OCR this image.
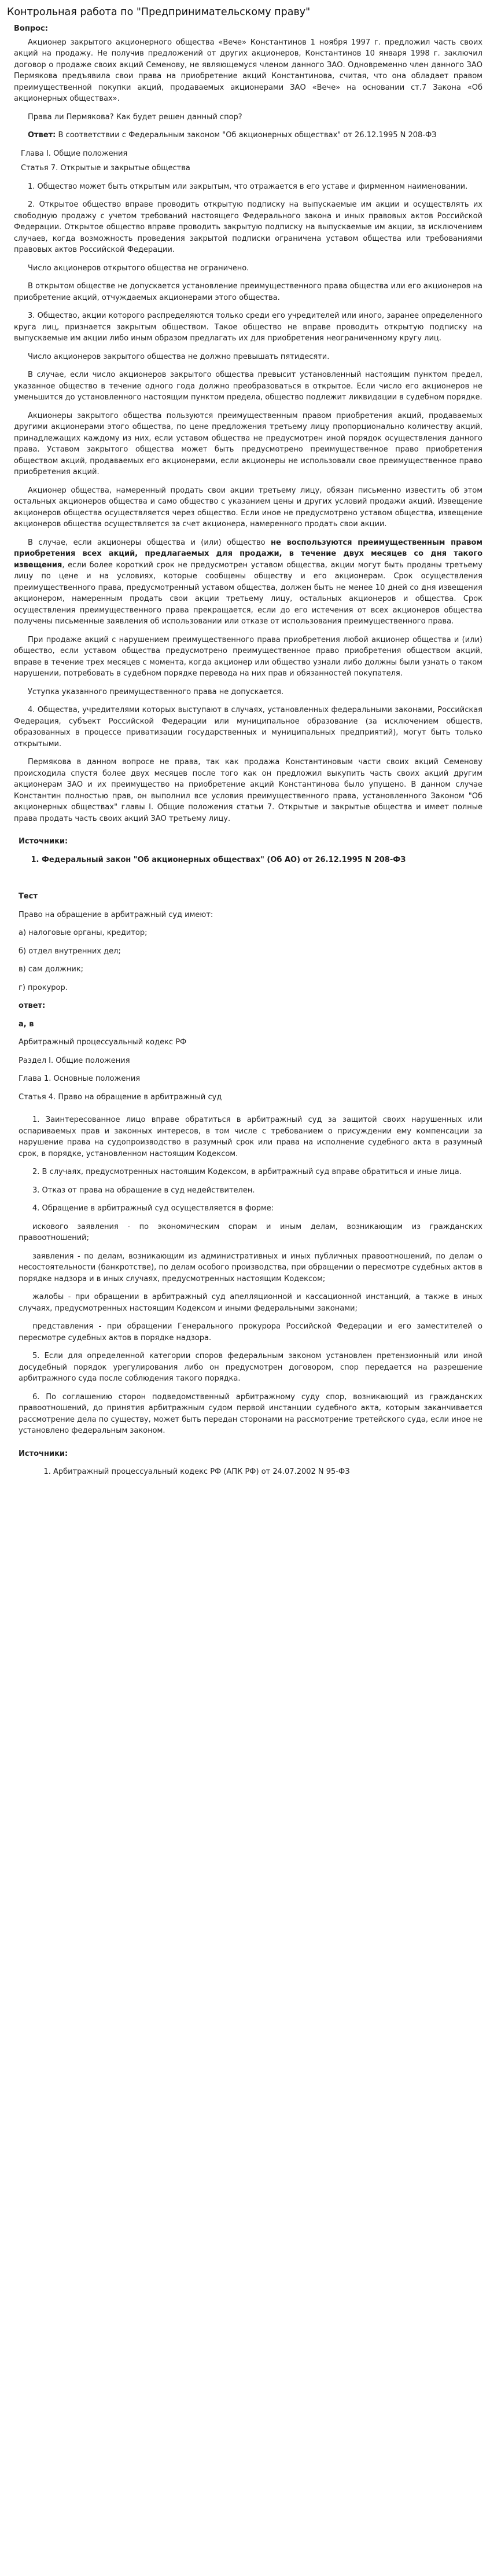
Контрольная работа по "Предпринимательскому праву"
Вопрос:
Акционер закрытого акционерного общества «Вече» Константинов 1 ноября 1997 г. предложил часть своих акций на продажу. Не получив предложений от других акционеров, Константинов 10 января 1998 г. заключил договор о продаже своих акций Семенову, не являющемуся членом данного ЗАО. Одновременно член данного ЗАО Пермякова предъявила свои права на приобретение акций Константинова, считая, что она обладает правом преимущественной покупки акций, продаваемых акционерами ЗАО «Вече» на основании ст.7 Закона «Об акционерных обществах».
Права ли Пермякова? Как будет решен данный спор?
Ответ: В соответствии с Федеральным законом "Об акционерных обществах" от 26.12.1995 N 208-ФЗ
Глава I. Общие положения
Статья 7. Открытые и закрытые общества
1. Общество может быть открытым или закрытым, что отражается в его уставе и фирменном наименовании.
2. Открытое общество вправе проводить открытую подписку на выпускаемые им акции и осуществлять их свободную продажу с учетом требований настоящего Федерального закона и иных правовых актов Российской Федерации. Открытое общество вправе проводить закрытую подписку на выпускаемые им акции, за исключением случаев, когда возможность проведения закрытой подписки ограничена уставом общества или требованиями правовых актов Российской Федерации.
Число акционеров открытого общества не ограничено.
В открытом обществе не допускается установление преимущественного права общества или его акционеров на приобретение акций, отчуждаемых акционерами этого общества.
3. Общество, акции которого распределяются только среди его учредителей или иного, заранее определенного круга лиц, признается закрытым обществом. Такое общество не вправе проводить открытую подписку на выпускаемые им акции либо иным образом предлагать их для приобретения неограниченному кругу лиц.
Число акционеров закрытого общества не должно превышать пятидесяти.
В случае, если число акционеров закрытого общества превысит установленный настоящим пунктом предел, указанное общество в течение одного года должно преобразоваться в открытое. Если число его акционеров не уменьшится до установленного настоящим пунктом предела, общество подлежит ликвидации в судебном порядке.
Акционеры закрытого общества пользуются преимущественным правом приобретения акций, продаваемых другими акционерами этого общества, по цене предложения третьему лицу пропорционально количеству акций, принадлежащих каждому из них, если уставом общества не предусмотрен иной порядок осуществления данного права. Уставом закрытого общества может быть предусмотрено преимущественное право приобретения обществом акций, продаваемых его акционерами, если акционеры не использовали свое преимущественное право приобретения акций.
Акционер общества, намеренный продать свои акции третьему лицу, обязан письменно известить об этом остальных акционеров общества и само общество с указанием цены и других условий продажи акций. Извещение акционеров общества осуществляется через общество. Если иное не предусмотрено уставом общества, извещение акционеров общества осуществляется за счет акционера, намеренного продать свои акции.
В случае, если акционеры общества и (или) общество не воспользуются преимущественным правом приобретения всех акций, предлагаемых для продажи, в течение двух месяцев со дня такого извещения, если более короткий срок не предусмотрен уставом общества, акции могут быть проданы третьему лицу по цене и на условиях, которые сообщены обществу и его акционерам. Срок осуществления преимущественного права, предусмотренный уставом общества, должен быть не менее 10 дней со дня извещения акционером, намеренным продать свои акции третьему лицу, остальных акционеров и общества. Срок осуществления преимущественного права прекращается, если до его истечения от всех акционеров общества получены письменные заявления об использовании или отказе от использования преимущественного права.
При продаже акций с нарушением преимущественного права приобретения любой акционер общества и (или) общество, если уставом общества предусмотрено преимущественное право приобретения обществом акций, вправе в течение трех месяцев с момента, когда акционер или общество узнали либо должны были узнать о таком нарушении, потребовать в судебном порядке перевода на них прав и обязанностей покупателя.
Уступка указанного преимущественного права не допускается.
4. Общества, учредителями которых выступают в случаях, установленных федеральными законами, Российская Федерация, субъект Российской Федерации или муниципальное образование (за исключением обществ, образованных в процессе приватизации государственных и муниципальных предприятий), могут быть только открытыми.
Пермякова в данном вопросе не права, так как продажа Константиновым части своих акций Семенову происходила спустя более двух месяцев после того как он предложил выкупить часть своих акций другим акционерам ЗАО и их преимущество на приобретение акций Константинова было упущено. В данном случае Константин полностью прав, он выполнил все условия преимущественного права, установленного Законом "Об акционерных обществах" главы I. Общие положения статьи 7. Открытые и закрытые общества и имеет полные права продать часть своих акций ЗАО третьему лицу.
Источники:
1. Федеральный закон "Об акционерных обществах" (Об АО) от 26.12.1995 N 208-ФЗ
Тест
Право на обращение в арбитражный суд имеют:
а) налоговые органы, кредитор;
б) отдел внутренних дел;
в) сам должник;
г) прокурор.
ответ:
а, в
Арбитражный процессуальный кодекс РФ
Раздел I. Общие положения
Глава 1. Основные положения
Статья 4. Право на обращение в арбитражный суд
1. Заинтересованное лицо вправе обратиться в арбитражный суд за защитой своих нарушенных или оспариваемых прав и законных интересов, в том числе с требованием о присуждении ему компенсации за нарушение права на судопроизводство в разумный срок или права на исполнение судебного акта в разумный срок, в порядке, установленном настоящим Кодексом.
2. В случаях, предусмотренных настоящим Кодексом, в арбитражный суд вправе обратиться и иные лица.
3. Отказ от права на обращение в суд недействителен.
4. Обращение в арбитражный суд осуществляется в форме:
искового заявления - по экономическим спорам и иным делам, возникающим из гражданских правоотношений;
заявления - по делам, возникающим из административных и иных публичных правоотношений, по делам о несостоятельности (банкротстве), по делам особого производства, при обращении о пересмотре судебных актов в порядке надзора и в иных случаях, предусмотренных настоящим Кодексом;
жалобы - при обращении в арбитражный суд апелляционной и кассационной инстанций, а также в иных случаях, предусмотренных настоящим Кодексом и иными федеральными законами;
представления - при обращении Генерального прокурора Российской Федерации и его заместителей о пересмотре судебных актов в порядке надзора.
5. Если для определенной категории споров федеральным законом установлен претензионный или иной досудебный порядок урегулирования либо он предусмотрен договором, спор передается на разрешение арбитражного суда после соблюдения такого порядка.
6. По соглашению сторон подведомственный арбитражному суду спор, возникающий из гражданских правоотношений, до принятия арбитражным судом первой инстанции судебного акта, которым заканчивается рассмотрение дела по существу, может быть передан сторонами на рассмотрение третейского суда, если иное не установлено федеральным законом.
Источники:
1. Арбитражный процессуальный кодекс РФ (АПК РФ) от 24.07.2002 N 95-ФЗ
